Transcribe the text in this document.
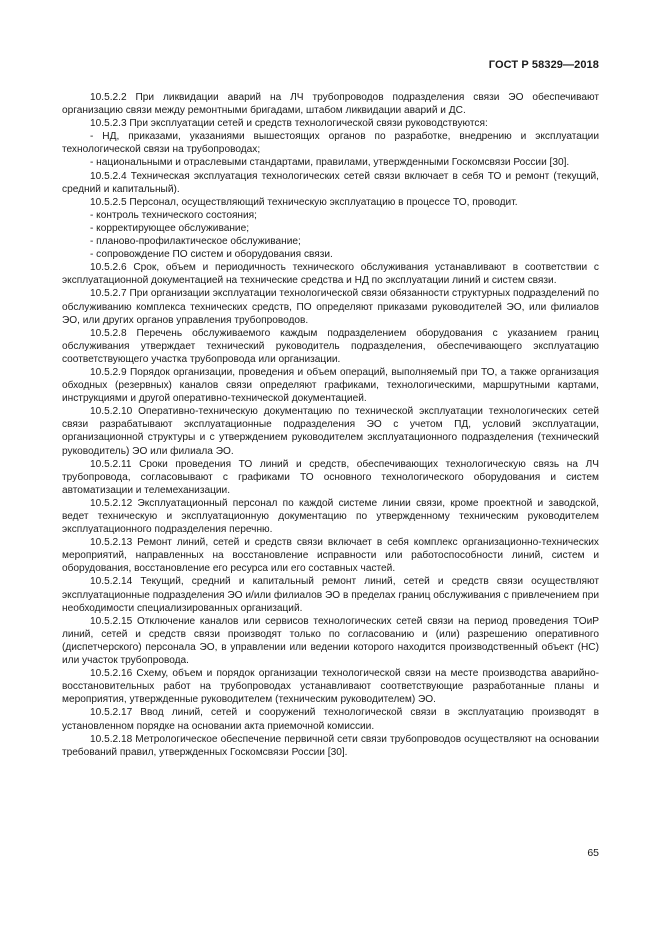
ГОСТ Р 58329—2018

10.5.2.2 При ликвидации аварий на ЛЧ трубопроводов подразделения связи ЭО обеспечивают организацию связи между ремонтными бригадами, штабом ликвидации аварий и ДС.

10.5.2.3 При эксплуатации сетей и средств технологической связи руководствуются:

- НД, приказами, указаниями вышестоящих органов по разработке, внедрению и эксплуатации технологической связи на трубопроводах;

- национальными и отраслевыми стандартами, правилами, утвержденными Госкомсвязи России [30].

10.5.2.4 Техническая эксплуатация технологических сетей связи включает в себя ТО и ремонт (текущий, средний и капитальный).

10.5.2.5 Персонал, осуществляющий техническую эксплуатацию в процессе ТО, проводит.

- контроль технического состояния;

- корректирующее обслуживание;

- планово-профилактическое обслуживание;

- сопровождение ПО систем и оборудования связи.

10.5.2.6 Срок, объем и периодичность технического обслуживания устанавливают в соответствии с эксплуатационной документацией на технические средства и НД по эксплуатации линий и систем связи.

10.5.2.7 При организации эксплуатации технологической связи обязанности структурных подразделений по обслуживанию комплекса технических средств, ПО определяют приказами руководителей ЭО, или филиалов ЭО, или других органов управления трубопроводов.

10.5.2.8 Перечень обслуживаемого каждым подразделением оборудования с указанием границ обслуживания утверждает технический руководитель подразделения, обеспечивающего эксплуатацию соответствующего участка трубопровода или организации.

10.5.2.9 Порядок организации, проведения и объем операций, выполняемый при ТО, а также организация обходных (резервных) каналов связи определяют графиками, технологическими, маршрутными картами, инструкциями и другой оперативно-технической документацией.

10.5.2.10 Оперативно-техническую документацию по технической эксплуатации технологических сетей связи разрабатывают эксплуатационные подразделения ЭО с учетом ПД, условий эксплуатации, организационной структуры и с утверждением руководителем эксплуатационного подразделения (технический руководитель) ЭО или филиала ЭО.

10.5.2.11 Сроки проведения ТО линий и средств, обеспечивающих технологическую связь на ЛЧ трубопровода, согласовывают с графиками ТО основного технологического оборудования и систем автоматизации и телемеханизации.

10.5.2.12 Эксплуатационный персонал по каждой системе линии связи, кроме проектной и заводской, ведет техническую и эксплуатационную документацию по утвержденному техническим руководителем эксплуатационного подразделения перечню.

10.5.2.13 Ремонт линий, сетей и средств связи включает в себя комплекс организационно-технических мероприятий, направленных на восстановление исправности или работоспособности линий, систем и оборудования, восстановление его ресурса или его составных частей.

10.5.2.14 Текущий, средний и капитальный ремонт линий, сетей и средств связи осуществляют эксплуатационные подразделения ЭО и/или филиалов ЭО в пределах границ обслуживания с привлечением при необходимости специализированных организаций.

10.5.2.15 Отключение каналов или сервисов технологических сетей связи на период проведения ТОиР линий, сетей и средств связи производят только по согласованию и (или) разрешению оперативного (диспетчерского) персонала ЭО, в управлении или ведении которого находится производственный объект (НС) или участок трубопровода.

10.5.2.16 Схему, объем и порядок организации технологической связи на месте производства аварийно-восстановительных работ на трубопроводах устанавливают соответствующие разработанные планы и мероприятия, утвержденные руководителем (техническим руководителем) ЭО.

10.5.2.17 Ввод линий, сетей и сооружений технологической связи в эксплуатацию производят в установленном порядке на основании акта приемочной комиссии.

10.5.2.18 Метрологическое обеспечение первичной сети связи трубопроводов осуществляют на основании требований правил, утвержденных Госкомсвязи России [30].

65
